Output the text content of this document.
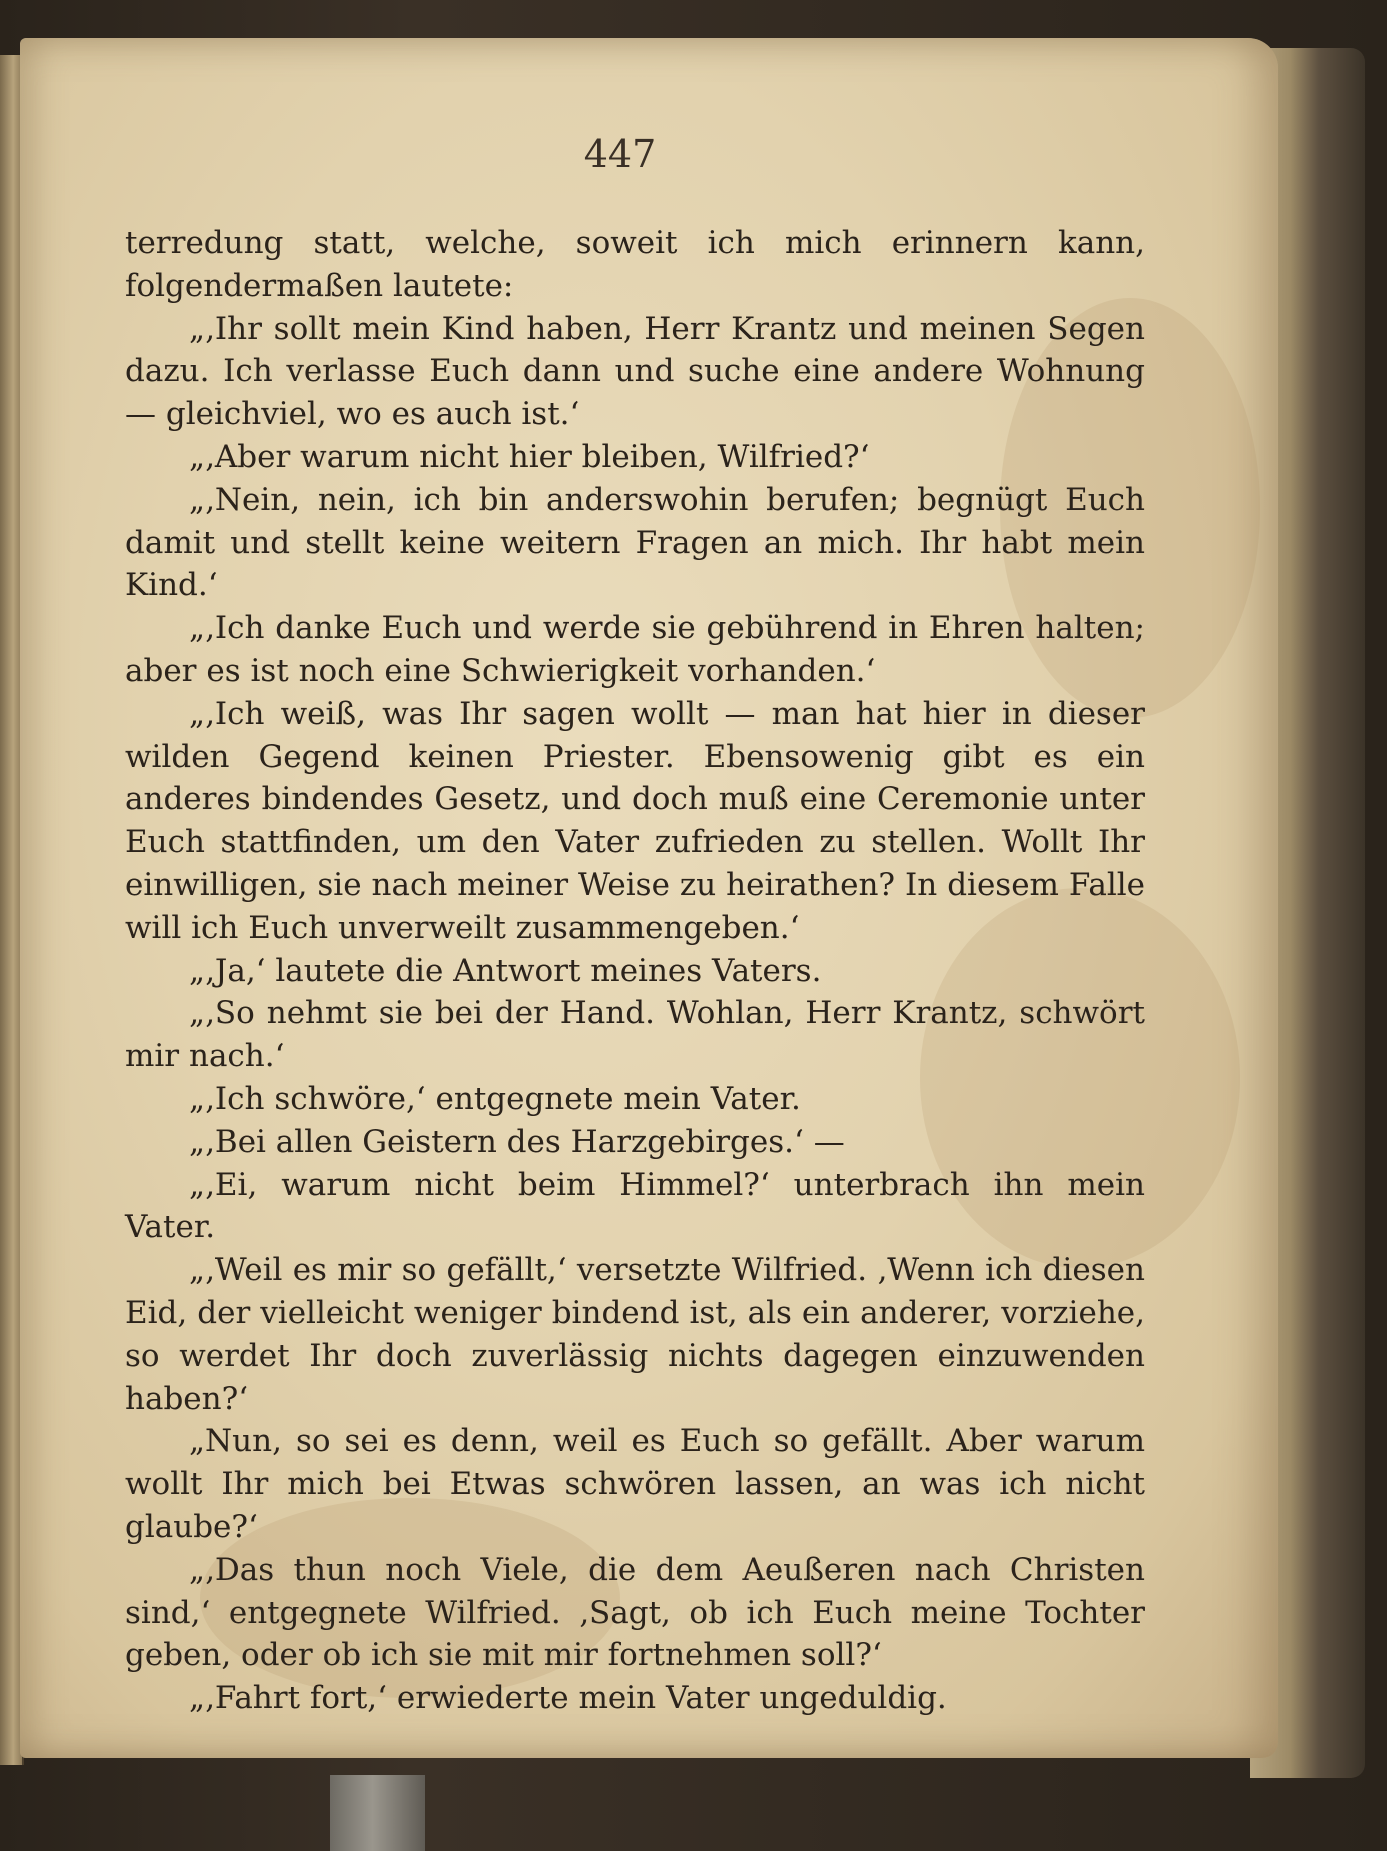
447

terredung statt, welche, soweit ich mich erinnern kann, folgendermaßen lautete:

„‚Ihr sollt mein Kind haben, Herr Krantz und meinen Segen dazu. Ich verlasse Euch dann und suche eine andere Wohnung — gleichviel, wo es auch ist.‘

„‚Aber warum nicht hier bleiben, Wilfried?‘

„‚Nein, nein, ich bin anderswohin berufen; begnügt Euch damit und stellt keine weitern Fragen an mich. Ihr habt mein Kind.‘

„‚Ich danke Euch und werde sie gebührend in Ehren halten; aber es ist noch eine Schwierigkeit vorhanden.‘

„‚Ich weiß, was Ihr sagen wollt — man hat hier in dieser wilden Gegend keinen Priester. Ebensowenig gibt es ein anderes bindendes Gesetz, und doch muß eine Ceremonie unter Euch stattfinden, um den Vater zufrieden zu stellen. Wollt Ihr einwilligen, sie nach meiner Weise zu heirathen? In diesem Falle will ich Euch unverweilt zusammengeben.‘

„‚Ja,‘ lautete die Antwort meines Vaters.

„‚So nehmt sie bei der Hand. Wohlan, Herr Krantz, schwört mir nach.‘

„‚Ich schwöre,‘ entgegnete mein Vater.

„‚Bei allen Geistern des Harzgebirges.‘ —

„‚Ei, warum nicht beim Himmel?‘ unterbrach ihn mein Vater.

„‚Weil es mir so gefällt,‘ versetzte Wilfried. ‚Wenn ich diesen Eid, der vielleicht weniger bindend ist, als ein anderer, vorziehe, so werdet Ihr doch zuverlässig nichts dagegen einzuwenden haben?‘

„Nun, so sei es denn, weil es Euch so gefällt. Aber warum wollt Ihr mich bei Etwas schwören lassen, an was ich nicht glaube?‘

„‚Das thun noch Viele, die dem Aeußeren nach Christen sind,‘ entgegnete Wilfried. ‚Sagt, ob ich Euch meine Tochter geben, oder ob ich sie mit mir fortnehmen soll?‘

„‚Fahrt fort,‘ erwiederte mein Vater ungeduldig.
